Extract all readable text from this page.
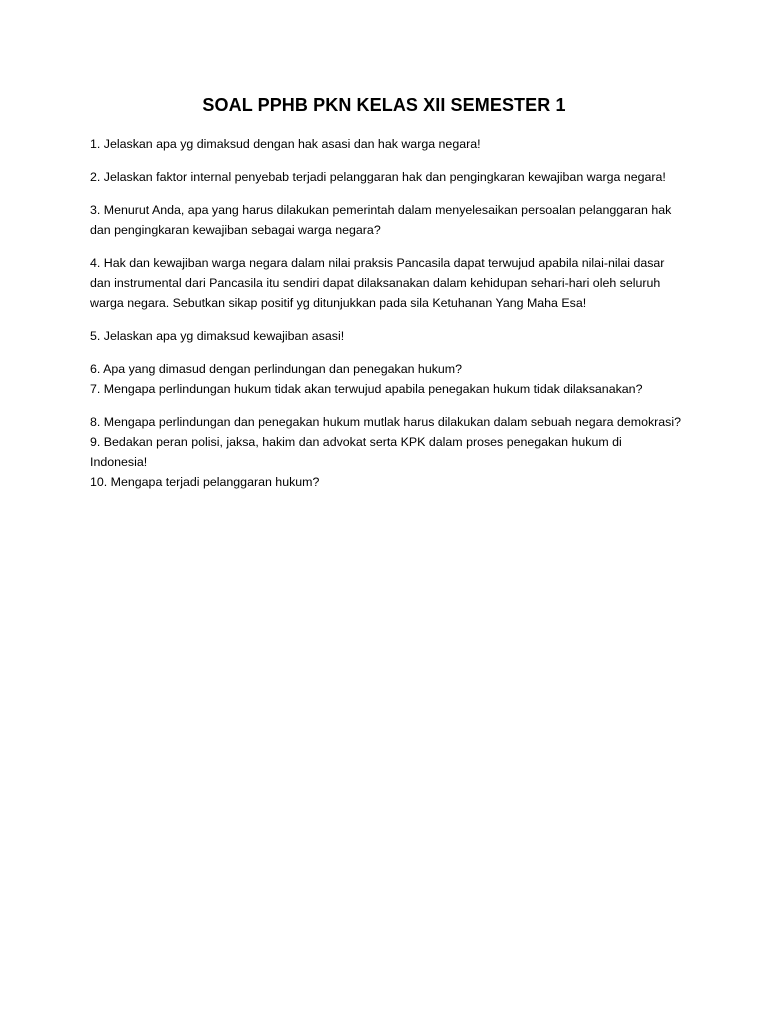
SOAL PPHB PKN KELAS XII SEMESTER 1

1. Jelaskan apa yg dimaksud dengan hak asasi dan hak warga negara!

2. Jelaskan faktor internal penyebab terjadi pelanggaran hak dan pengingkaran kewajiban warga negara!

3. Menurut Anda, apa yang harus dilakukan pemerintah dalam menyelesaikan persoalan pelanggaran hak dan pengingkaran kewajiban sebagai warga negara?

4. Hak dan kewajiban warga negara dalam nilai praksis Pancasila dapat terwujud apabila nilai-nilai dasar dan instrumental dari Pancasila itu sendiri dapat dilaksanakan dalam kehidupan sehari-hari oleh seluruh warga negara. Sebutkan sikap positif yg ditunjukkan pada sila Ketuhanan Yang Maha Esa!

5. Jelaskan apa yg dimaksud kewajiban asasi!

6. Apa yang dimasud dengan perlindungan dan penegakan hukum?

7. Mengapa perlindungan hukum tidak akan terwujud apabila penegakan hukum tidak dilaksanakan?

8. Mengapa perlindungan dan penegakan hukum mutlak harus dilakukan dalam sebuah negara demokrasi?

9. Bedakan peran polisi, jaksa, hakim dan advokat serta KPK dalam proses penegakan hukum di Indonesia!

10. Mengapa terjadi pelanggaran hukum?
